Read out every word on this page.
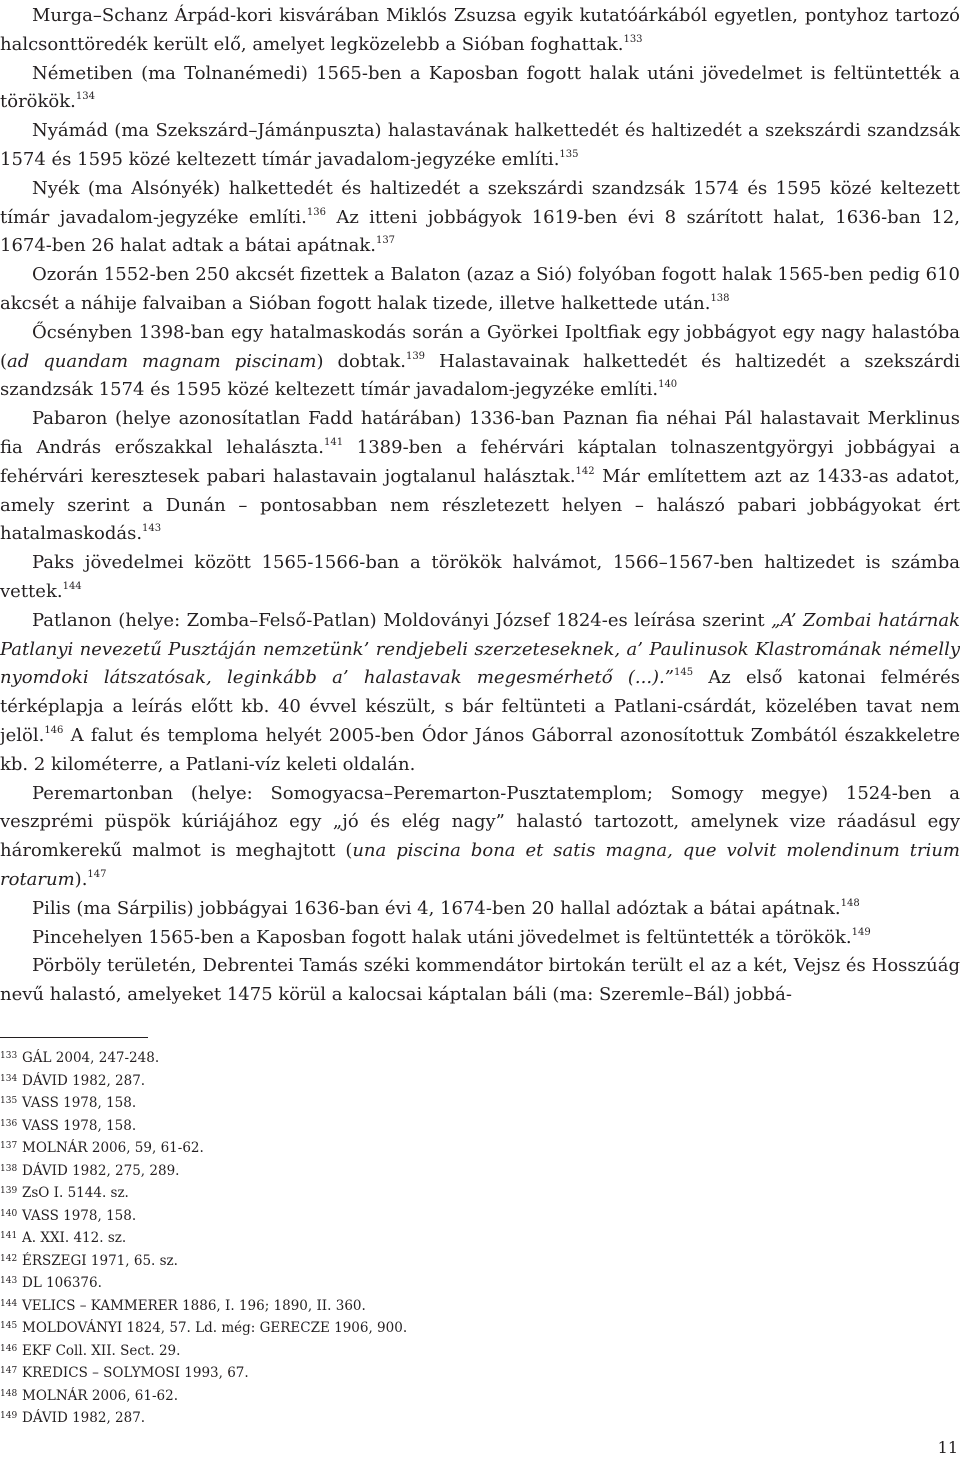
Murga–Schanz Árpád-kori kisvárában Miklós Zsuzsa egyik kutatóárkából egyetlen, pontyhoz tartozó halcsonttöredék került elő, amelyet legközelebb a Sióban foghattak.$^{133}$

Németiben (ma Tolnanémedi) 1565-ben a Kaposban fogott halak utáni jövedelmet is feltüntették a törökök.$^{134}$

Nyámád (ma Szekszárd–Jámánpuszta) halastavának halkettedét és haltizedét a szekszárdi szandzsák 1574 és 1595 közé keltezett tímár javadalom-jegyzéke említi.$^{135}$

Nyék (ma Alsónyék) halkettedét és haltizedét a szekszárdi szandzsák 1574 és 1595 közé keltezett tímár javadalom-jegyzéke említi.$^{136}$ Az itteni jobbágyok 1619-ben évi 8 szárított halat, 1636-ban 12, 1674-ben 26 halat adtak a bátai apátnak.$^{137}$

Ozorán 1552-ben 250 akcsét fizettek a Balaton (azaz a Sió) folyóban fogott halak 1565-ben pedig 610 akcsét a náhije falvaiban a Sióban fogott halak tizede, illetve halkettede után.$^{138}$

Őcsényben 1398-ban egy hatalmaskodás során a Györkei Ipoltfiak egy jobbágyot egy nagy halastóba (ad quandam magnam piscinam) dobtak.$^{139}$ Halastavainak halkettedét és haltizedét a szekszárdi szandzsák 1574 és 1595 közé keltezett tímár javadalom-jegyzéke említi.$^{140}$

Pabaron (helye azonosítatlan Fadd határában) 1336-ban Paznan fia néhai Pál halastavait Merklinus fia András erőszakkal lehalászta.$^{141}$ 1389-ben a fehérvári káptalan tolnaszentgyörgyi jobbágyai a fehérvári keresztesek pabari halastavain jogtalanul halásztak.$^{142}$ Már említettem azt az 1433-as adatot, amely szerint a Dunán – pontosabban nem részletezett helyen – halászó pabari jobbágyokat ért hatalmaskodás.$^{143}$

Paks jövedelmei között 1565-1566-ban a törökök halvámot, 1566–1567-ben haltizedet is számba vettek.$^{144}$

Patlanon (helye: Zomba–Felső-Patlan) Moldoványi József 1824-es leírása szerint „A’ Zombai határnak Patlanyi nevezetű Pusztáján nemzetünk’ rendjebeli szerzeteseknek, a’ Paulinusok Klastromának némelly nyomdoki látszatósak, leginkább a’ halastavak megesmérhető (...).”$^{145}$ Az első katonai felmérés térképlapja a leírás előtt kb. 40 évvel készült, s bár feltünteti a Patlani-csárdát, közelében tavat nem jelöl.$^{146}$ A falut és temploma helyét 2005-ben Ódor János Gáborral azonosítottuk Zombától északkeletre kb. 2 kilométerre, a Patlani-víz keleti oldalán.

Peremartonban (helye: Somogyacsa–Peremarton-Pusztatemplom; Somogy megye) 1524-ben a veszprémi püspök kúriájához egy „jó és elég nagy” halastó tartozott, amelynek vize ráadásul egy háromkerekű malmot is meghajtott (una piscina bona et satis magna, que volvit molendinum trium rotarum).$^{147}$

Pilis (ma Sárpilis) jobbágyai 1636-ban évi 4, 1674-ben 20 hallal adóztak a bátai apátnak.$^{148}$

Pincehelyen 1565-ben a Kaposban fogott halak utáni jövedelmet is feltüntették a törökök.$^{149}$

Pörböly területén, Debrentei Tamás széki kommendátor birtokán terült el az a két, Vejsz és Hosszúág nevű halastó, amelyeket 1475 körül a kalocsai káptalan báli (ma: Szeremle–Bál) jobbá-

133 GÁL 2004, 247-248.
134 DÁVID 1982, 287.
135 VASS 1978, 158.
136 VASS 1978, 158.
137 MOLNÁR 2006, 59, 61-62.
138 DÁVID 1982, 275, 289.
139 ZsO I. 5144. sz.
140 VASS 1978, 158.
141 A. XXI. 412. sz.
142 ÉRSZEGI 1971, 65. sz.
143 DL 106376.
144 VELICS – KAMMERER 1886, I. 196; 1890, II. 360.
145 MOLDOVÁNYI 1824, 57. Ld. még: GERECZE 1906, 900.
146 EKF Coll. XII. Sect. 29.
147 KREDICS – SOLYMOSI 1993, 67.
148 MOLNÁR 2006, 61-62.
149 DÁVID 1982, 287.
11
